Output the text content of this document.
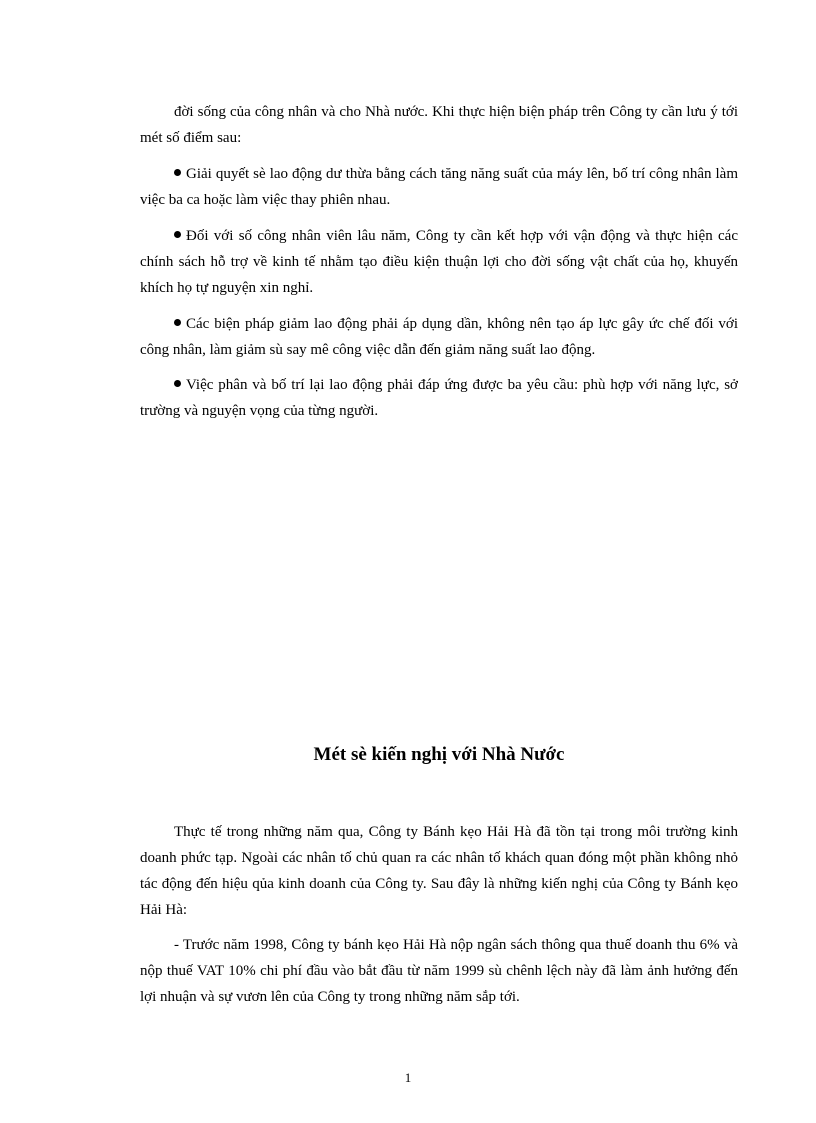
đời sống của công nhân và cho Nhà nước. Khi thực hiện biện pháp trên Công ty cần lưu ý tới mét số điểm sau:

Giải quyết sè lao động dư thừa bằng cách tăng năng suất của máy lên, bố trí công nhân làm việc ba ca hoặc làm việc thay phiên nhau.

Đối với số công nhân viên lâu năm, Công ty cần kết hợp với vận động và thực hiện các chính sách hỗ trợ về kinh tế nhằm tạo điều kiện thuận lợi cho đời sống vật chất của họ, khuyến khích họ tự nguyện xin nghỉ.

Các biện pháp giảm lao động phải áp dụng dần, không nên tạo áp lực gây ức chế đối với công nhân, làm giảm sù say mê công việc dẫn đến giảm năng suất lao động.

Việc phân và bố trí lại lao động phải đáp ứng được ba yêu cầu: phù hợp với năng lực, sở trường và nguyện vọng của từng người.

Mét sè kiến nghị với Nhà Nước

Thực tế trong những năm qua, Công ty Bánh kẹo Hải Hà đã tồn tại trong môi trường kinh doanh phức tạp. Ngoài các nhân tố chủ quan ra các nhân tố khách quan đóng một phần không nhỏ tác động đến hiệu qủa kinh doanh của Công ty. Sau đây là những kiến nghị của Công ty Bánh kẹo Hải Hà:

- Trước năm 1998, Công ty bánh kẹo Hải Hà nộp ngân sách thông qua thuế doanh thu 6% và nộp thuế VAT 10% chi phí đầu vào bắt đầu từ năm 1999 sù chênh lệch này đã làm ảnh hưởng đến lợi nhuận và sự vươn lên của Công ty trong những năm sắp tới.

1
